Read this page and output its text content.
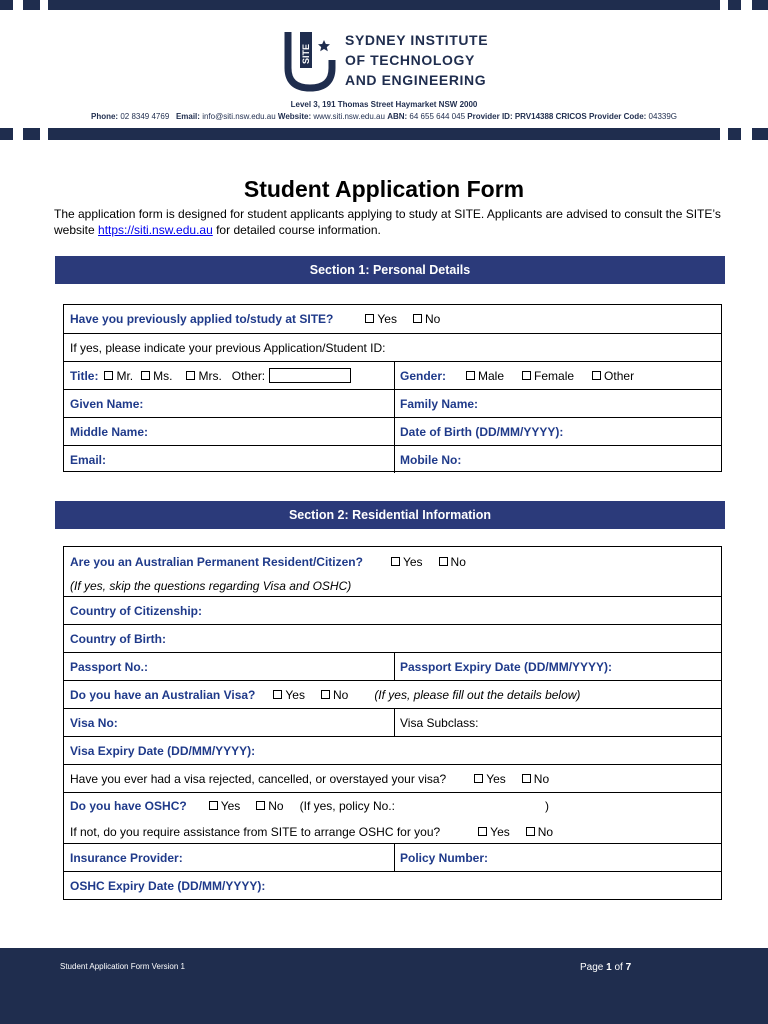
SITE
SYDNEY INSTITUTE
OF TECHNOLOGY
AND ENGINEERING
Level 3, 191 Thomas Street Haymarket NSW 2000
Phone: 02 8349 4769 Email: info@siti.nsw.edu.au Website: www.siti.nsw.edu.au ABN: 64 655 644 045 Provider ID: PRV14388 CRICOS Provider Code: 04339G
Student Application Form
The application form is designed for student applicants applying to study at SITE. Applicants are advised to consult the SITE’s website https://siti.nsw.edu.au for detailed course information.
Section 1: Personal Details
Have you previously applied to/study at SITE?	Yes	No
If yes, please indicate your previous Application/Student ID:
Title:	Mr.	Ms.	Mrs. Other:	Gender:	Male	Female	Other
Given Name:	Family Name:
Middle Name:	Date of Birth (DD/MM/YYYY):
Email:	Mobile No:
Section 2: Residential Information
Are you an Australian Permanent Resident/Citizen?	Yes	No
(If yes, skip the questions regarding Visa and OSHC)
Country of Citizenship:
Country of Birth:
Passport No.:	Passport Expiry Date (DD/MM/YYYY):
Do you have an Australian Visa?	Yes	No (If yes, please fill out the details below)
Visa No:	Visa Subclass:
Visa Expiry Date (DD/MM/YYYY):
Have you ever had a visa rejected, cancelled, or overstayed your visa?	Yes	No
Do you have OSHC?	Yes	No (If yes, policy No.:	)
If not, do you require assistance from SITE to arrange OSHC for you?	Yes	No
Insurance Provider:	Policy Number:
OSHC Expiry Date (DD/MM/YYYY):
Student Application Form Version 1	Page 1 of 7
